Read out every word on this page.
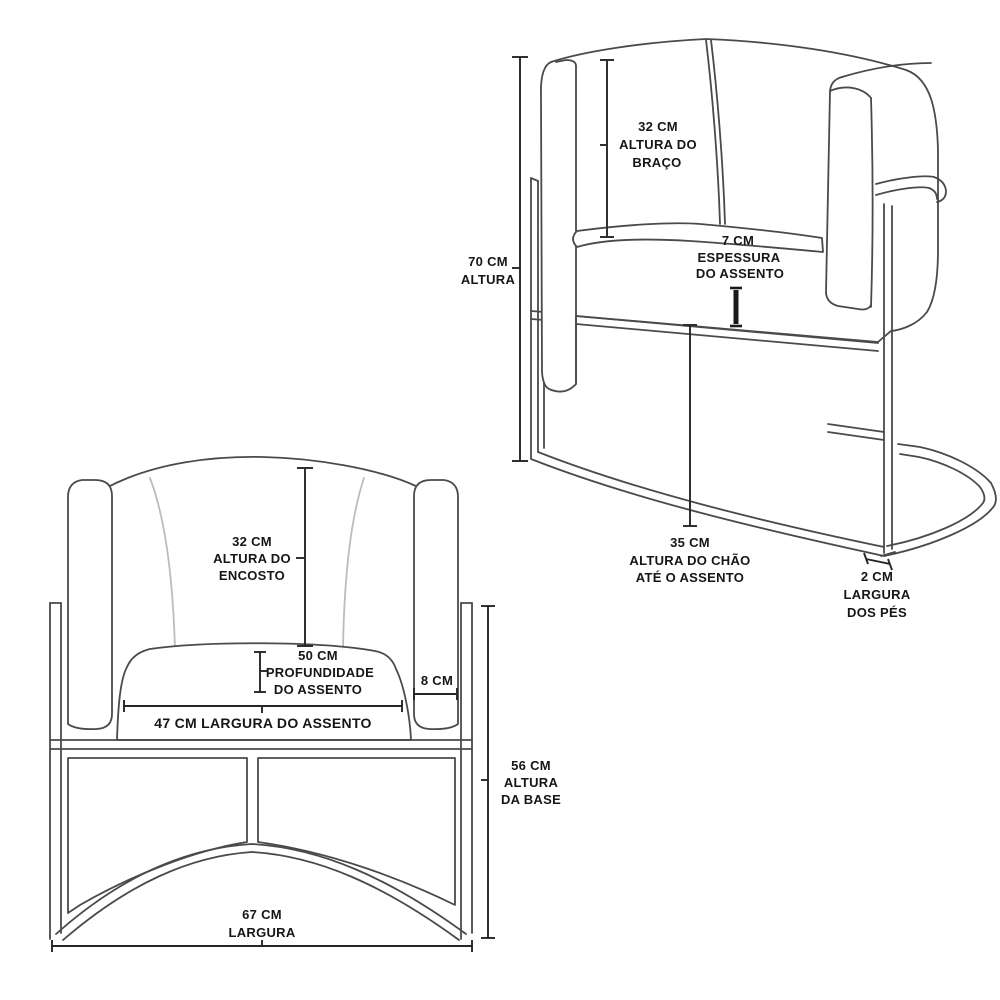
70 CM
ALTURA
32 CM
ALTURA DO
BRAÇO
7 CM
ESPESSURA
DO ASSENTO
35 CM
ALTURA DO CHÃO
ATÉ O ASSENTO	2 CM
LARGURA
DOS PÉS
32 CM
ALTURA DO
ENCOSTO
50 CM
PROFUNDIDADE
DO ASSENTO
8 CM
47 CM LARGURA DO ASSENTO
56 CM
ALTURA
DA BASE
67 CM
LARGURA
